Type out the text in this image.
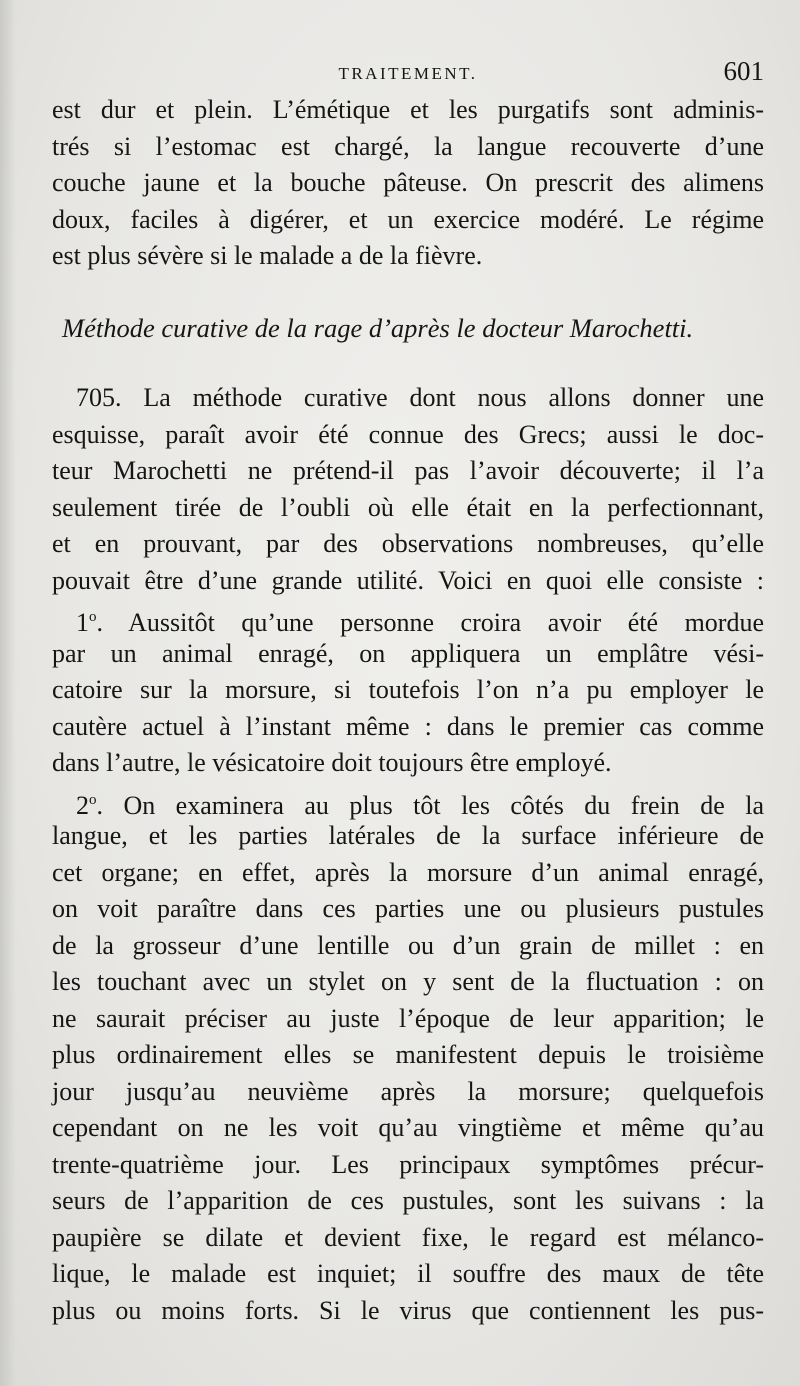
TRAITEMENT.	601
est dur et plein. L’émétique et les purgatifs sont adminis-
trés si l’estomac est chargé, la langue recouverte d’une
couche jaune et la bouche pâteuse. On prescrit des alimens
doux, faciles à digérer, et un exercice modéré. Le régime
est plus sévère si le malade a de la fièvre.
Méthode curative de la rage d’après le docteur Marochetti.
705. La méthode curative dont nous allons donner une
esquisse, paraît avoir été connue des Grecs; aussi le doc-
teur Marochetti ne prétend-il pas l’avoir découverte; il l’a
seulement tirée de l’oubli où elle était en la perfectionnant,
et en prouvant, par des observations nombreuses, qu’elle
pouvait être d’une grande utilité. Voici en quoi elle consiste :
1$^o$. Aussitôt qu’une personne croira avoir été mordue
par un animal enragé, on appliquera un emplâtre vési-
catoire sur la morsure, si toutefois l’on n’a pu employer le
cautère actuel à l’instant même : dans le premier cas comme
dans l’autre, le vésicatoire doit toujours être employé.
2$^o$. On examinera au plus tôt les côtés du frein de la
langue, et les parties latérales de la surface inférieure de
cet organe; en effet, après la morsure d’un animal enragé,
on voit paraître dans ces parties une ou plusieurs pustules
de la grosseur d’une lentille ou d’un grain de millet : en
les touchant avec un stylet on y sent de la fluctuation : on
ne saurait préciser au juste l’époque de leur apparition; le
plus ordinairement elles se manifestent depuis le troisième
jour jusqu’au neuvième après la morsure; quelquefois
cependant on ne les voit qu’au vingtième et même qu’au
trente-quatrième jour. Les principaux symptômes précur-
seurs de l’apparition de ces pustules, sont les suivans : la
paupière se dilate et devient fixe, le regard est mélanco-
lique, le malade est inquiet; il souffre des maux de tête
plus ou moins forts. Si le virus que contiennent les pus-
